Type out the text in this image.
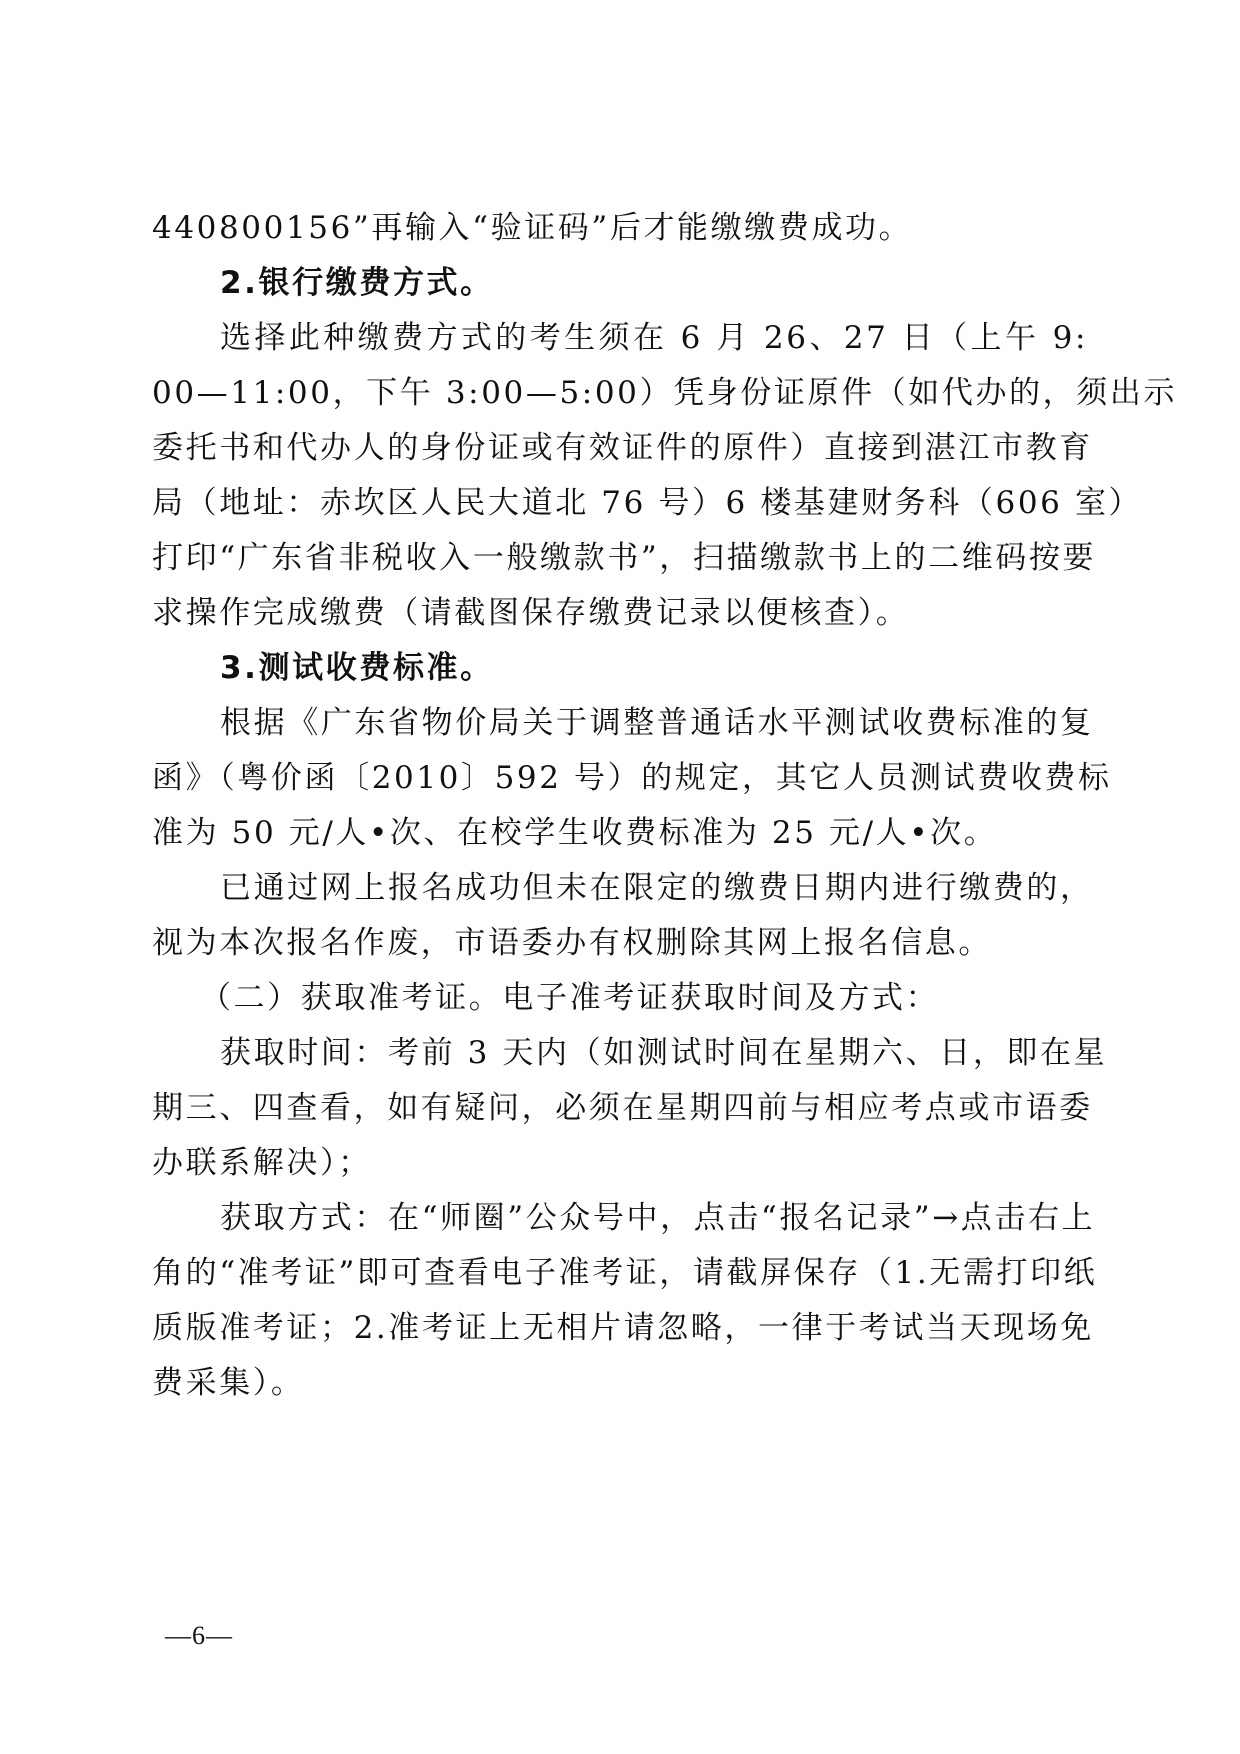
440800156”再输入“验证码”后才能缴缴费成功。
2.银行缴费方式。
选择此种缴费方式的考生须在 6 月 26、27 日（上午 9:
00—11:00，下午 3:00—5:00）凭身份证原件（如代办的，须出示
委托书和代办人的身份证或有效证件的原件）直接到湛江市教育
局（地址：赤坎区人民大道北 76 号）6 楼基建财务科（606 室）
打印“广东省非税收入一般缴款书”，扫描缴款书上的二维码按要
求操作完成缴费（请截图保存缴费记录以便核查）。
3.测试收费标准。
根据《广东省物价局关于调整普通话水平测试收费标准的复
函》（粤价函〔2010〕592 号）的规定，其它人员测试费收费标
准为 50 元/人•次、在校学生收费标准为 25 元/人•次。
已通过网上报名成功但未在限定的缴费日期内进行缴费的，
视为本次报名作废，市语委办有权删除其网上报名信息。
（二）获取准考证。电子准考证获取时间及方式：
获取时间：考前 3 天内（如测试时间在星期六、日，即在星
期三、四查看，如有疑问，必须在星期四前与相应考点或市语委
办联系解决）；
获取方式：在“师圈”公众号中，点击“报名记录”→点击右上
角的“准考证”即可查看电子准考证，请截屏保存（1.无需打印纸
质版准考证；2.准考证上无相片请忽略，一律于考试当天现场免
费采集）。
—6—
